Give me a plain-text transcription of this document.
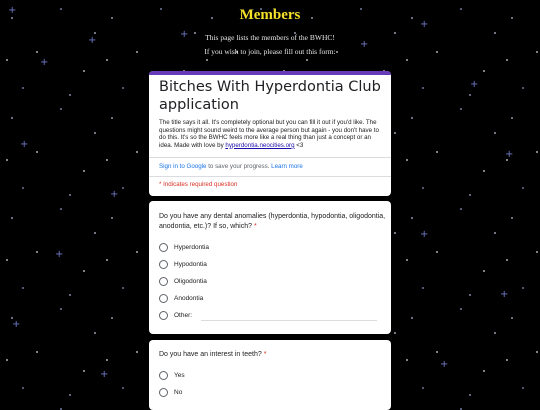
+
+
+
+
+
+
+
+
+
+
+
+
+
+
+
+
Members
This page lists the members of the BWHC!
If you wish to join, please fill out this form:
Bitches With Hyperdontia Club application
The title says it all. It's completely optional but you can fill it out if you'd like. The questions might sound weird to the average person but again - you don't have to do this. It's so the BWHC feels more like a real thing than just a concept or an idea. Made with love by hyperdontia.neocities.org <3
Sign in to Google to save your progress. Learn more
* Indicates required question
Do you have any dental anomalies (hyperdontia, hypodontia, oligodontia, anodontia, etc.)? If so, which? *
Hyperdontia
Hypodontia
Oligodontia
Anodontia
Other:
Do you have an interest in teeth? *
Yes
No
